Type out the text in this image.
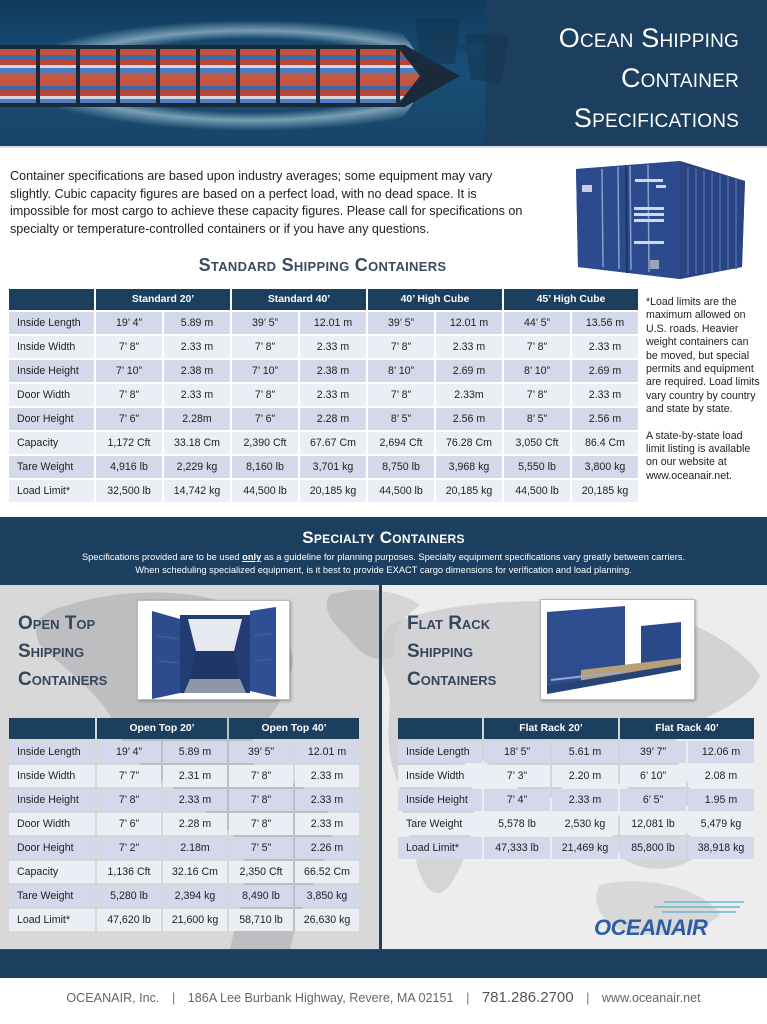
Ocean Shipping
Container
Specifications

Container specifications are based upon industry averages; some equipment may vary slightly. Cubic capacity figures are based on a perfect load, with no dead space. It is impossible for most cargo to achieve these capacity figures. Please call for specifications on specialty or temperature-controlled containers or if you have any questions.

Standard Shipping Containers
	Standard 20’		Standard 40’		40’ High Cube		45’ High Cube	
Inside Length	19’ 4”	5.89 m	39’ 5”	12.01 m	39’ 5”	12.01 m	44’ 5”	13.56 m
Inside Width	7’ 8”	2.33 m	7’ 8”	2.33 m	7’ 8”	2.33 m	7’ 8”	2.33 m
Inside Height	7’ 10”	2.38 m	7’ 10”	2.38 m	8’ 10”	2.69 m	8’ 10”	2.69 m
Door Width	7’ 8”	2.33 m	7’ 8”	2.33 m	7’ 8”	2.33m	7’ 8”	2.33 m
Door Height	7’ 6”	2.28m	7’ 6”	2.28 m	8’ 5”	2.56 m	8’ 5”	2.56 m
Capacity	1,172 Cft	33.18 Cm	2,390 Cft	67.67 Cm	2,694 Cft	76.28 Cm	3,050 Cft	86.4 Cm
Tare Weight	4,916 lb	2,229 kg	8,160 lb	3,701 kg	8,750 lb	3,968 kg	5,550 lb	3,800 kg
Load Limit*	32,500 lb	14,742 kg	44,500 lb	20,185 kg	44,500 lb	20,185 kg	44,500 lb	20,185 kg

*Load limits are the maximum allowed on U.S. roads. Heavier weight containers can be moved, but special permits and equipment are required. Load limits vary country by country and state by state.

A state-by-state load limit listing is available on our website at www.oceanair.net.

Specialty Containers
Specifications provided are to be used only as a guideline for planning purposes. Specialty equipment specifications vary greatly between carriers.
When scheduling specialized equipment, is it best to provide EXACT cargo dimensions for verification and load planning.
Open Top
Shipping
Containers
Flat Rack
Shipping
Containers
	Open Top 20’		Open Top 40’	
Inside Length	19’ 4”	5.89 m	39’ 5”	12.01 m
Inside Width	7’ 7”	2.31 m	7’ 8”	2.33 m
Inside Height	7’ 8”	2.33 m	7’ 8”	2.33 m
Door Width	7’ 6”	2.28 m	7’ 8”	2.33 m
Door Height	7’ 2”	2.18m	7’ 5”	2.26 m
Capacity	1,136 Cft	32.16 Cm	2,350 Cft	66.52 Cm
Tare Weight	5,280 lb	2,394 kg	8,490 lb	3,850 kg
Load Limit*	47,620 lb	21,600 kg	58,710 lb	26,630 kg
	Flat Rack 20’		Flat Rack 40’	
Inside Length	18’ 5”	5.61 m	39’ 7”	12.06 m
Inside Width	7’ 3”	2.20 m	6’ 10”	2.08 m
Inside Height	7’ 4”	2.33 m	6’ 5”	1.95 m
Tare Weight	5,578 lb	2,530 kg	12,081 lb	5,479 kg
Load Limit*	47,333 lb	21,469 kg	85,800 lb	38,918 kg
OCEANAIR
OCEANAIR, Inc. | 186A Lee Burbank Highway, Revere, MA 02151 | 781.286.2700 | www.oceanair.net
